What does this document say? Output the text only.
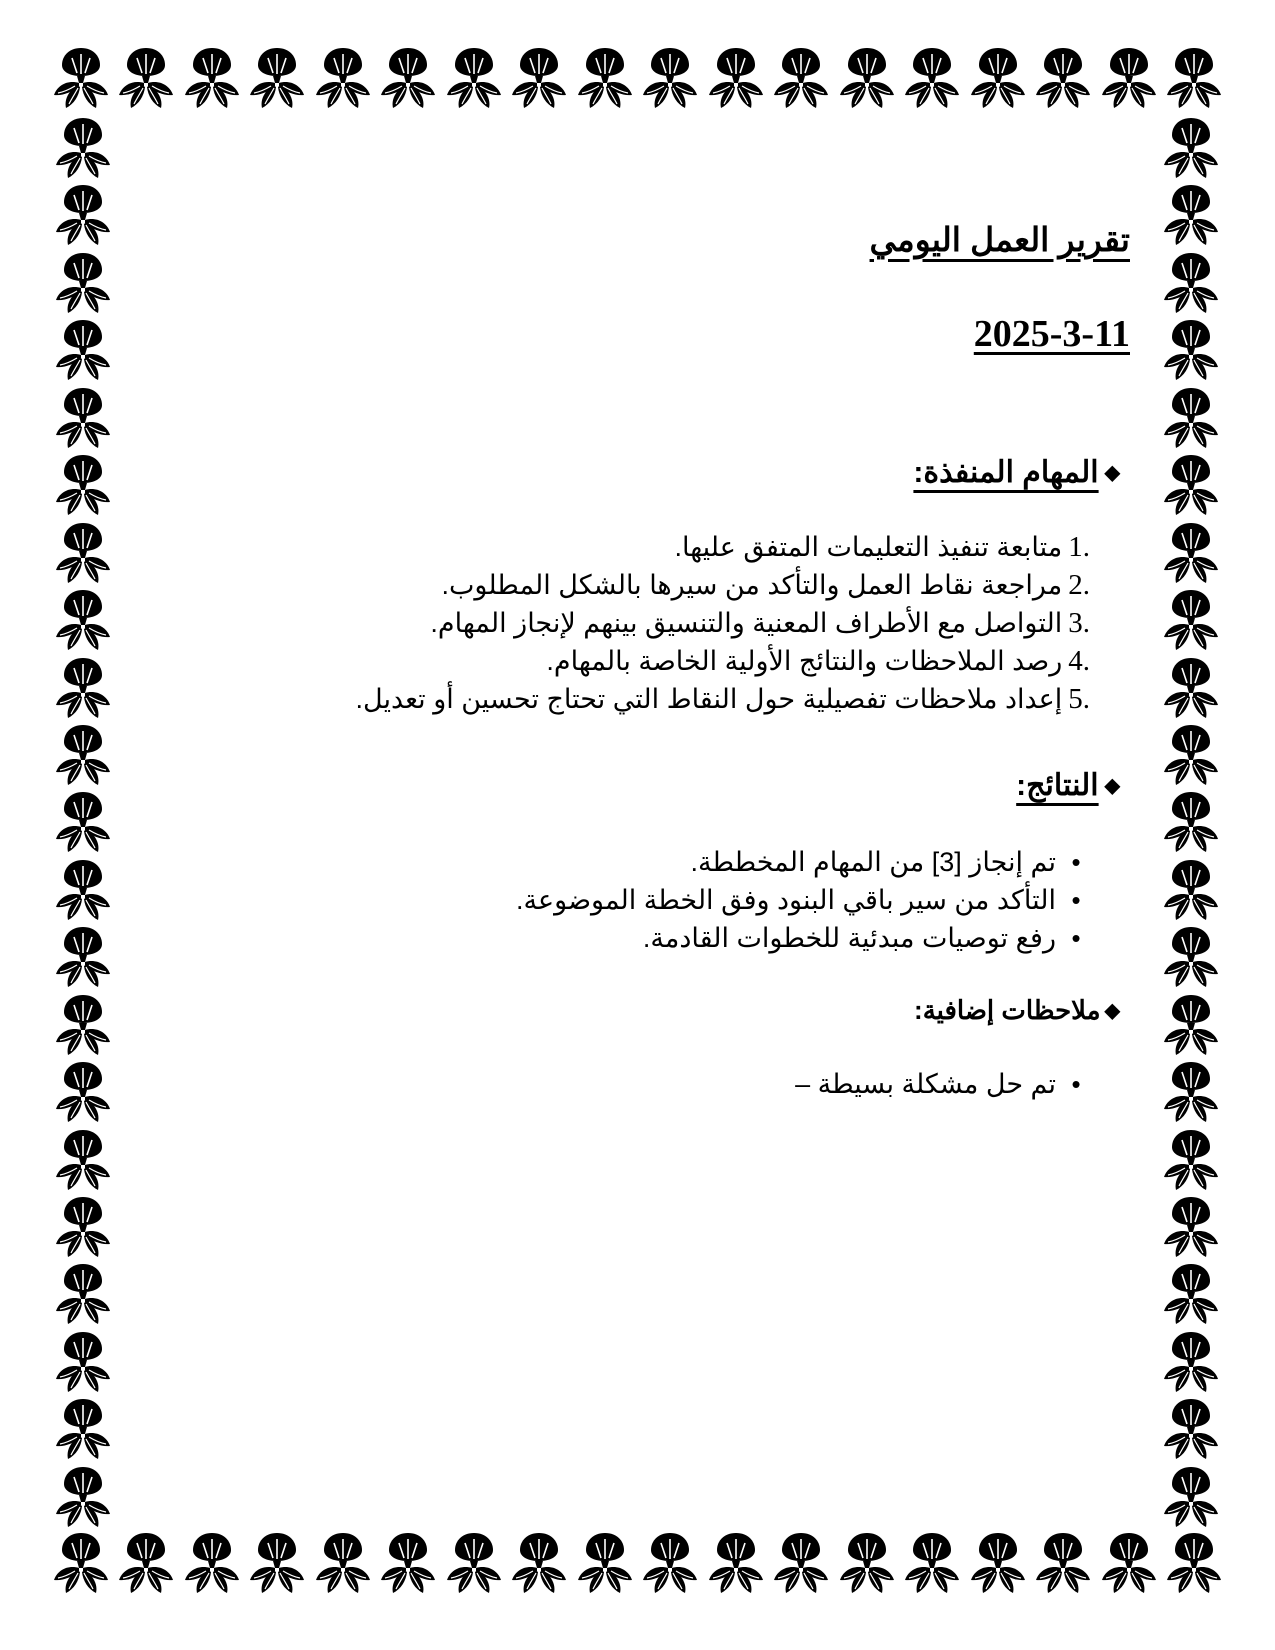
تقرير العمل اليومي
2025-3-11
◆
المهام المنفذة:
1.
متابعة تنفيذ التعليمات المتفق عليها.
2.
مراجعة نقاط العمل والتأكد من سيرها بالشكل المطلوب.
3.
التواصل مع الأطراف المعنية والتنسيق بينهم لإنجاز المهام.
4.
رصد الملاحظات والنتائج الأولية الخاصة بالمهام.
5.
إعداد ملاحظات تفصيلية حول النقاط التي تحتاج تحسين أو تعديل.
◆
النتائج:
•
تم إنجاز [3] من المهام المخططة.
•
التأكد من سير باقي البنود وفق الخطة الموضوعة.
•
رفع توصيات مبدئية للخطوات القادمة.
◆
ملاحظات إضافية:
•
تم حل مشكلة بسيطة –
